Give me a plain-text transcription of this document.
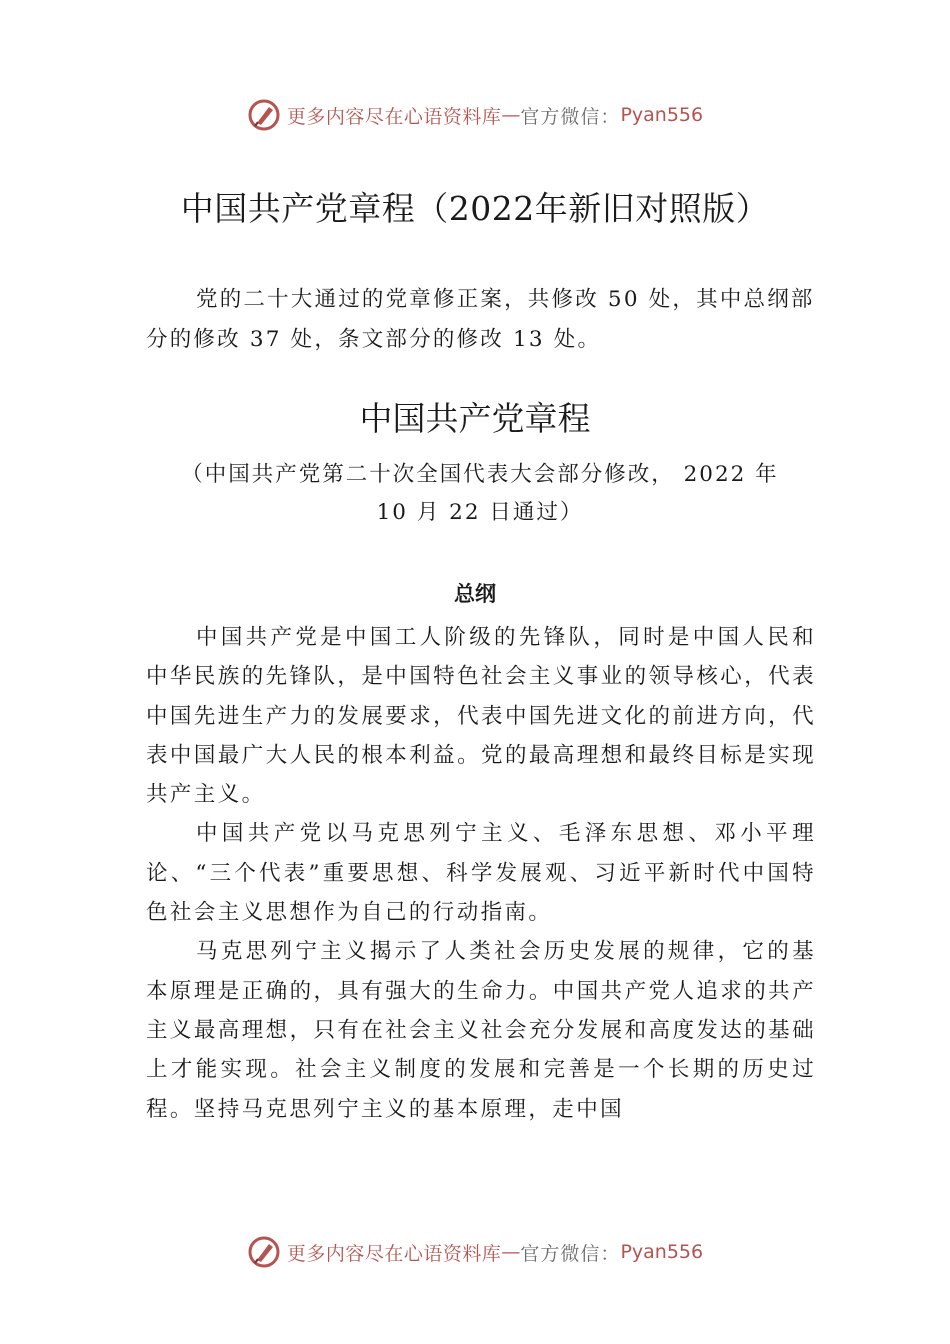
更多内容尽在心语资料库 — 官方微信： Pyan556
中国共产党章程（2022年新旧对照版）

党的二十大通过的党章修正案，共修改 50 处，其中总纲部分的修改 37 处，条文部分的修改 13 处。

中国共产党章程
（中国共产党第二十次全国代表大会部分修改， 2022 年
10 月 22 日通过）
总纲

中国共产党是中国工人阶级的先锋队，同时是中国人民和中华民族的先锋队，是中国特色社会主义事业的领导核心，代表中国先进生产力的发展要求，代表中国先进文化的前进方向，代表中国最广大人民的根本利益。党的最高理想和最终目标是实现共产主义。

中国共产党以马克思列宁主义、毛泽东思想、邓小平理论、“三个代表”重要思想、科学发展观、习近平新时代中国特色社会主义思想作为自己的行动指南。

马克思列宁主义揭示了人类社会历史发展的规律，它的基本原理是正确的，具有强大的生命力。中国共产党人追求的共产主义最高理想，只有在社会主义社会充分发展和高度发达的基础上才能实现。社会主义制度的发展和完善是一个长期的历史过程。坚持马克思列宁主义的基本原理，走中国

更多内容尽在心语资料库 — 官方微信： Pyan556
